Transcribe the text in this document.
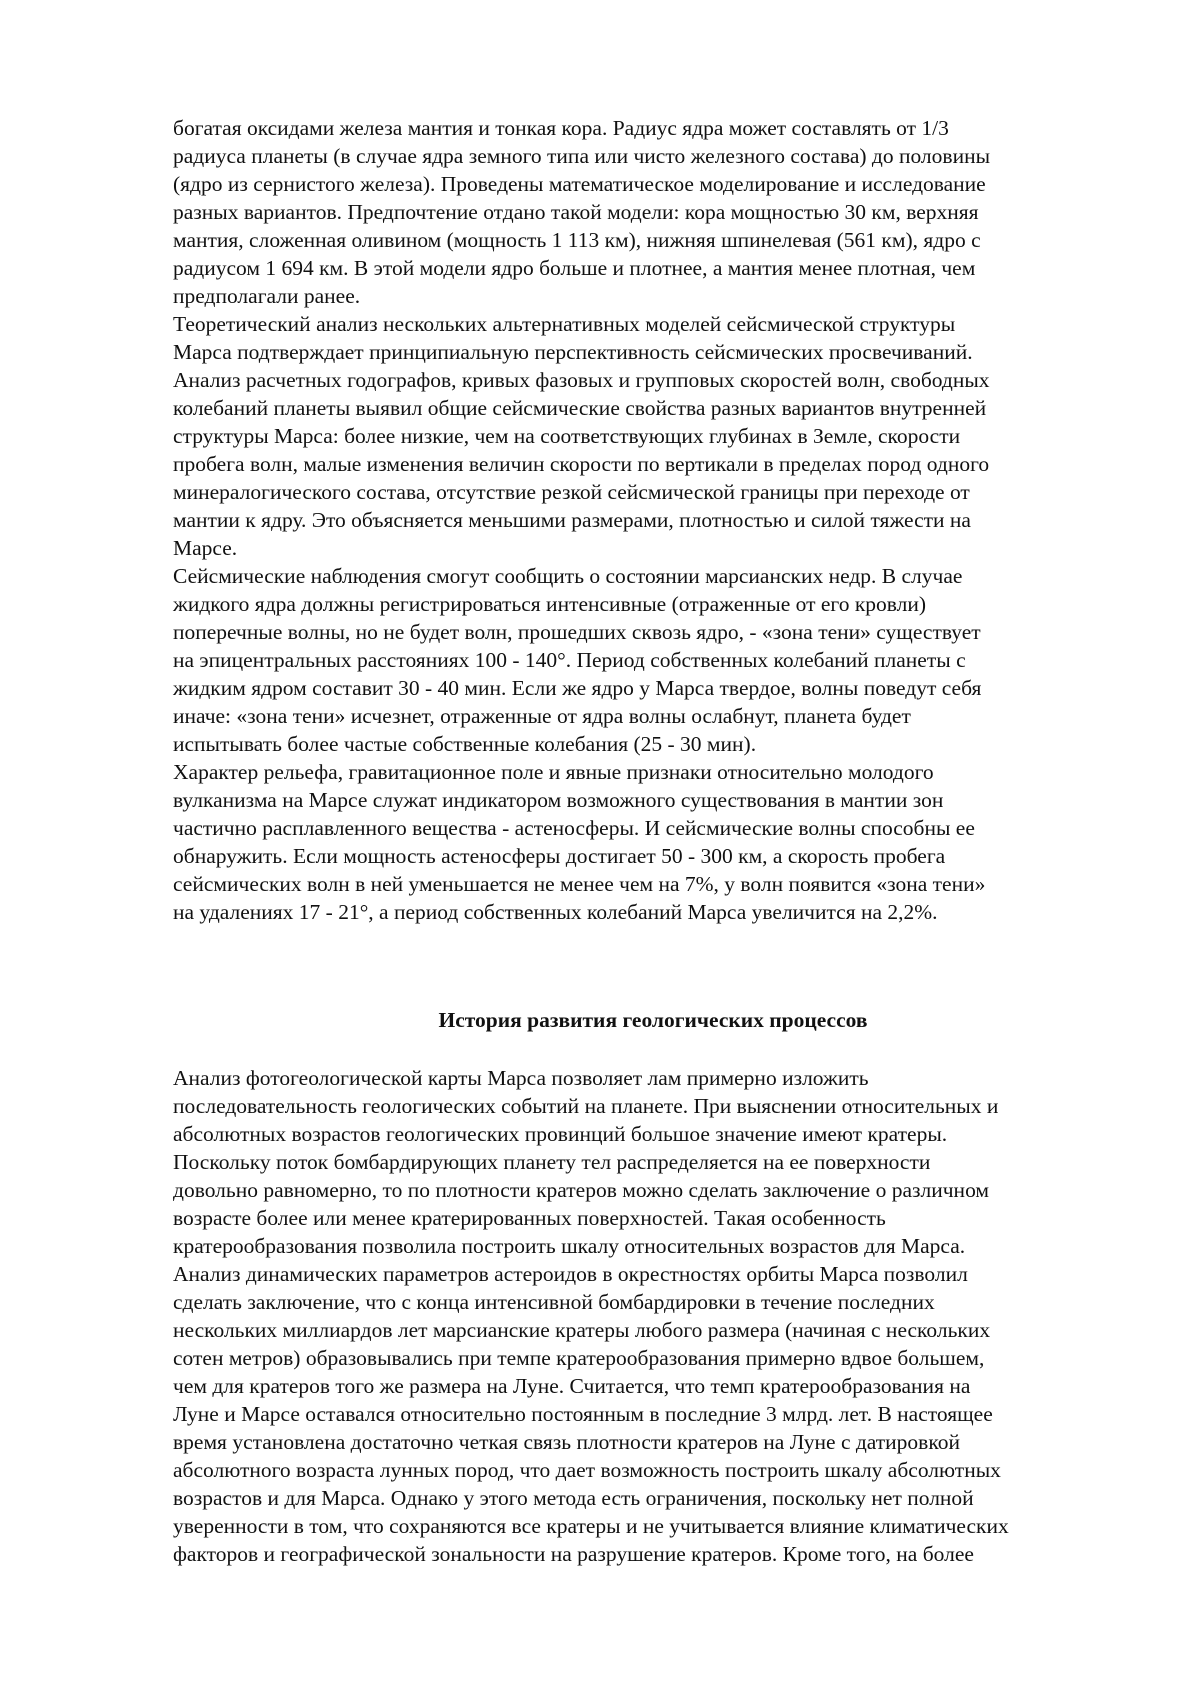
богатая оксидами железа мантия и тонкая кора. Радиус ядра может составлять от 1/3
радиуса планеты (в случае ядра земного типа или чисто железного состава) до половины
(ядро из сернистого железа). Проведены математическое моделирование и исследование
разных вариантов. Предпочтение отдано такой модели: кора мощностью 30 км, верхняя
мантия, сложенная оливином (мощность 1 113 км), нижняя шпинелевая (561 км), ядро с
радиусом 1 694 км. В этой модели ядро больше и плотнее, а мантия менее плотная, чем
предполагали ранее.
Теоретический анализ нескольких альтернативных моделей сейсмической структуры
Марса подтверждает принципиальную перспективность сейсмических просвечиваний.
Анализ расчетных годографов, кривых фазовых и групповых скоростей волн, свободных
колебаний планеты выявил общие сейсмические свойства разных вариантов внутренней
структуры Марса: более низкие, чем на соответствующих глубинах в Земле, скорости
пробега волн, малые изменения величин скорости по вертикали в пределах пород одного
минералогического состава, отсутствие резкой сейсмической границы при переходе от
мантии к ядру. Это объясняется меньшими размерами, плотностью и силой тяжести на
Марсе.
Сейсмические наблюдения смогут сообщить о состоянии марсианских недр. В случае
жидкого ядра должны регистрироваться интенсивные (отраженные от его кровли)
поперечные волны, но не будет волн, прошедших сквозь ядро, - «зона тени» существует
на эпицентральных расстояниях 100 - 140°. Период собственных колебаний планеты с
жидким ядром составит 30 - 40 мин. Если же ядро у Марса твердое, волны поведут себя
иначе: «зона тени» исчезнет, отраженные от ядра волны ослабнут, планета будет
испытывать более частые собственные колебания (25 - 30 мин).
Характер рельефа, гравитационное поле и явные признаки относительно молодого
вулканизма на Марсе служат индикатором возможного существования в мантии зон
частично расплавленного вещества - астеносферы. И сейсмические волны способны ее
обнаружить. Если мощность астеносферы достигает 50 - 300 км, а скорость пробега
сейсмических волн в ней уменьшается не менее чем на 7%, у волн появится «зона тени»
на удалениях 17 - 21°, а период собственных колебаний Марса увеличится на 2,2%.
История развития геологических процессов
Анализ фотогеологической карты Марса позволяет лам примерно изложить
последовательность геологических событий на планете. При выяснении относительных и
абсолютных возрастов геологических провинций большое значение имеют кратеры.
Поскольку поток бомбардирующих планету тел распределяется на ее поверхности
довольно равномерно, то по плотности кратеров можно сделать заключение о различном
возрасте более или менее кратерированных поверхностей. Такая особенность
кратерообразования позволила построить шкалу относительных возрастов для Марса.
Анализ динамических параметров астероидов в окрестностях орбиты Марса позволил
сделать заключение, что с конца интенсивной бомбардировки в течение последних
нескольких миллиардов лет марсианские кратеры любого размера (начиная с нескольких
сотен метров) образовывались при темпе кратерообразования примерно вдвое большем,
чем для кратеров того же размера на Луне. Считается, что темп кратерообразования на
Луне и Марсе оставался относительно постоянным в последние 3 млрд. лет. В настоящее
время установлена достаточно четкая связь плотности кратеров на Луне с датировкой
абсолютного возраста лунных пород, что дает возможность построить шкалу абсолютных
возрастов и для Марса. Однако у этого метода есть ограничения, поскольку нет полной
уверенности в том, что сохраняются все кратеры и не учитывается влияние климатических
факторов и географической зональности на разрушение кратеров. Кроме того, на более
